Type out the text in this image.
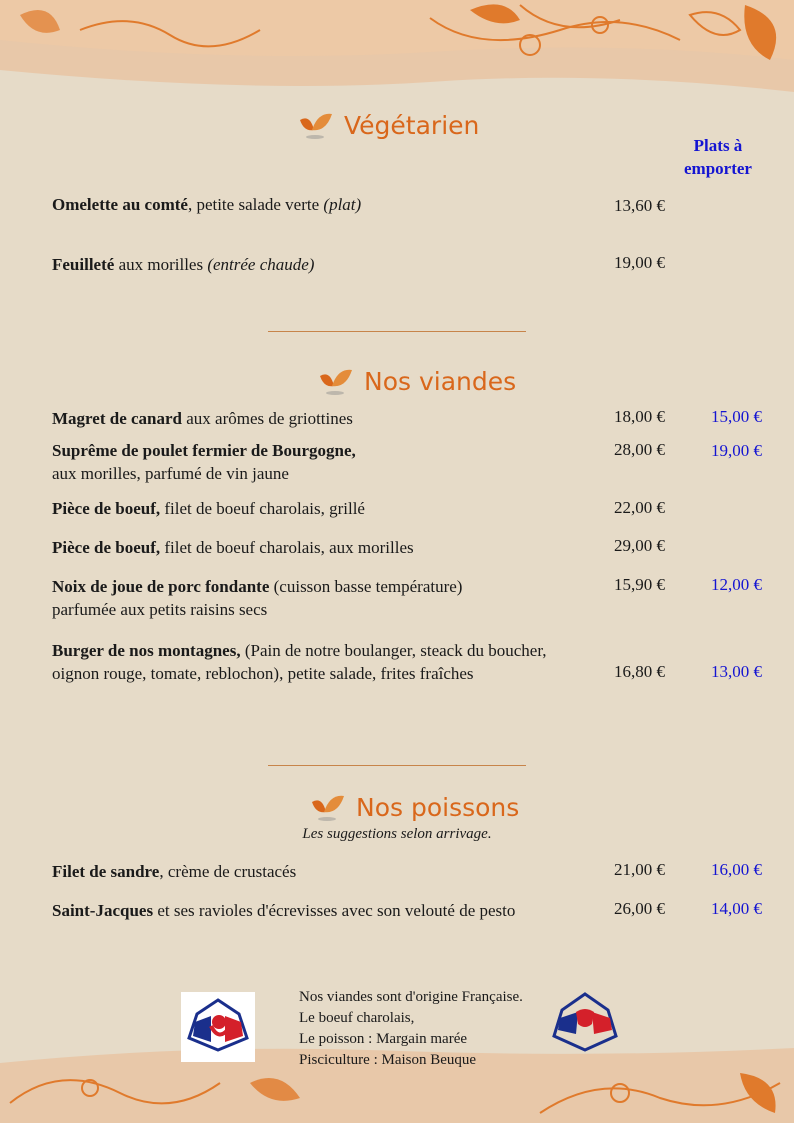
Plats à
emporter
Végétarien
Omelette au comté, petite salade verte (plat)	13,60 €
Feuilleté aux morilles (entrée chaude)	19,00 €
Nos viandes
Magret de canard aux arômes de griottines	18,00 €	15,00 €
Suprême de poulet fermier de Bourgogne,
aux morilles, parfumé de vin jaune
28,00 €	19,00 €
Pièce de boeuf, filet de boeuf charolais, grillé	22,00 €
Pièce de boeuf, filet de boeuf charolais, aux morilles	29,00 €
Noix de joue de porc fondante (cuisson basse température)
parfumée aux petits raisins secs
15,90 €	12,00 €
Burger de nos montagnes, (Pain de notre boulanger, steack du boucher,
oignon rouge, tomate, reblochon), petite salade, frites fraîches	16,80 €	13,00 €
Nos poissons
Les suggestions selon arrivage.
Filet de sandre, crème de crustacés	21,00 €	16,00 €
Saint-Jacques et ses ravioles d'écrevisses avec son velouté de pesto	26,00 €	14,00 €
Nos viandes sont d'origine Française.
Le boeuf charolais,
Le poisson : Margain marée
Pisciculture : Maison Beuque
